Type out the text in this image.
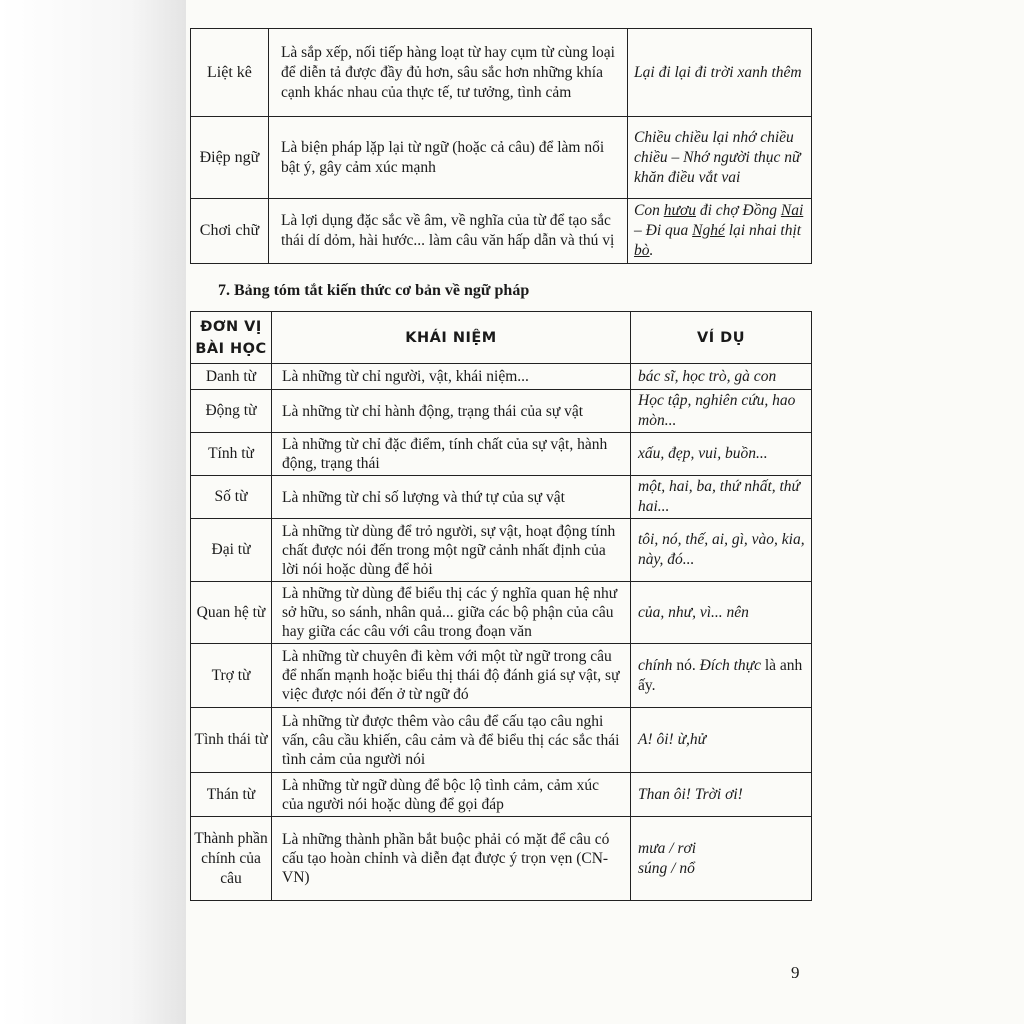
Liệt kê	Là sắp xếp, nối tiếp hàng loạt từ hay cụm từ cùng loại để diễn tả được đầy đủ hơn, sâu sắc hơn những khía cạnh khác nhau của thực tế, tư tưởng, tình cảm	Lại đi lại đi trời xanh thêm
Điệp ngữ	Là biện pháp lặp lại từ ngữ (hoặc cả câu) để làm nổi bật ý, gây cảm xúc mạnh	Chiều chiều lại nhớ chiều chiều – Nhớ người thục nữ khăn điều vắt vai
Chơi chữ	Là lợi dụng đặc sắc về âm, về nghĩa của từ để tạo sắc thái dí dỏm, hài hước... làm câu văn hấp dẫn và thú vị	Con hươu đi chợ Đồng Nai – Đi qua Nghé lại nhai thịt bò.
7. Bảng tóm tắt kiến thức cơ bản về ngữ pháp
ĐƠN VỊ
BÀI HỌC	KHÁI NIỆM	VÍ DỤ
Danh từ	Là những từ chỉ người, vật, khái niệm...	bác sĩ, học trò, gà con
Động từ	Là những từ chỉ hành động, trạng thái của sự vật	Học tập, nghiên cứu, hao mòn...
Tính từ	Là những từ chỉ đặc điểm, tính chất của sự vật, hành động, trạng thái	xấu, đẹp, vui, buồn...
Số từ	Là những từ chỉ số lượng và thứ tự của sự vật	một, hai, ba, thứ nhất, thứ hai...
Đại từ	Là những từ dùng để trỏ người, sự vật, hoạt động tính chất được nói đến trong một ngữ cảnh nhất định của lời nói hoặc dùng để hỏi	tôi, nó, thế, ai, gì, vào, kia, này, đó...
Quan hệ từ	Là những từ dùng để biểu thị các ý nghĩa quan hệ như sở hữu, so sánh, nhân quả... giữa các bộ phận của câu hay giữa các câu với câu trong đoạn văn	của, như, vì... nên
Trợ từ	Là những từ chuyên đi kèm với một từ ngữ trong câu để nhấn mạnh hoặc biểu thị thái độ đánh giá sự vật, sự việc được nói đến ở từ ngữ đó	chính nó. Đích thực là anh ấy.
Tình thái từ	Là những từ được thêm vào câu để cấu tạo câu nghi vấn, câu cầu khiến, câu cảm và để biểu thị các sắc thái tình cảm của người nói	A! ôi! ừ,hử
Thán từ	Là những từ ngữ dùng để bộc lộ tình cảm, cảm xúc của người nói hoặc dùng để gọi đáp	Than ôi! Trời ơi!
Thành phần chính của câu	Là những thành phần bắt buộc phải có mặt để câu có cấu tạo hoàn chỉnh và diễn đạt được ý trọn vẹn (CN-VN)	mưa / rơi
súng / nổ
9
